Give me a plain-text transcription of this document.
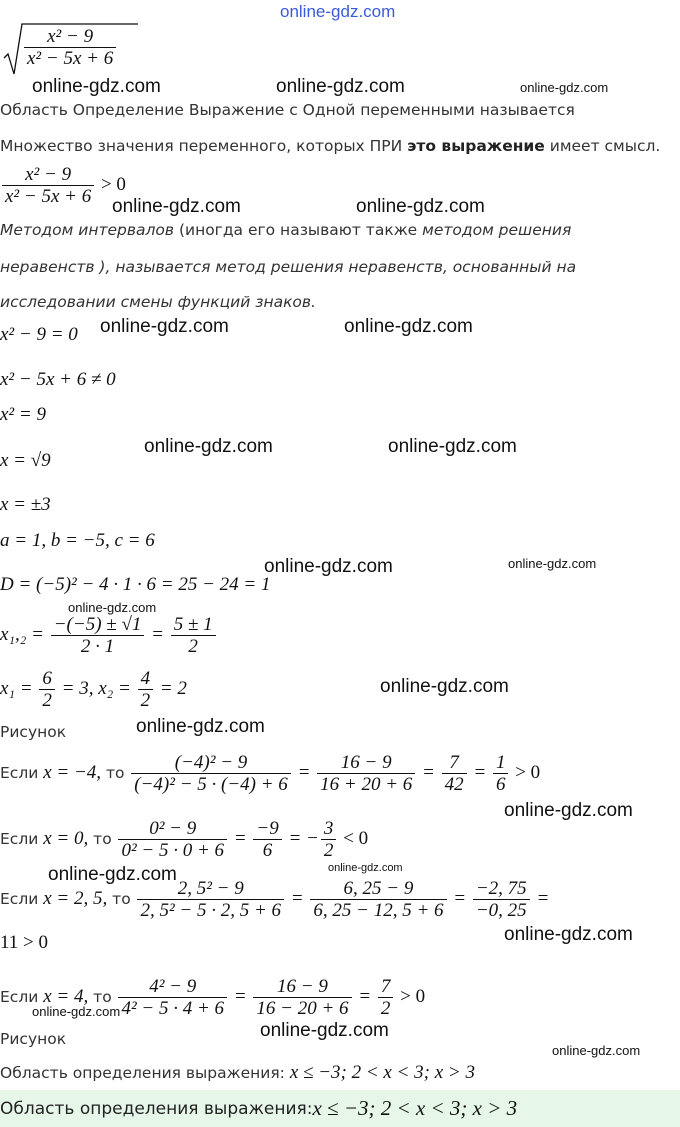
online-gdz.com
$\frac{\text{x² − 9}}{\text{x² − 5x + 6}}$
online-gdz.com	online-gdz.com	online-gdz.com
Область Определение Выражение с Одной переменными называется
Множество значения переменного, которых ПРИ это выражение имеет смысл.
$\frac{\text{x² − 9}}{\text{x² − 5x + 6}} > 0$
online-gdz.com	online-gdz.com
Методом интервалов (иногда его называют также методом решения
неравенств ), называется метод решения неравенств, основанный на
исследовании смены функций знаков.
x² − 9 = 0 online-gdz.com	online-gdz.com
x² − 5x + 6 ≠ 0
x² = 9
online-gdz.com	online-gdz.com
x = √9
x = ±3
a = 1, b = −5, c = 6
online-gdz.com	online-gdz.com
D = (−5)² − 4 · 1 · 6 = 25 − 24 = 1
online-gdz.com
$x_1,_2 = \frac{-(-5) \pm √1}{2 \cdot 1} = \frac{5 \pm 1}{2}$
$x_1 = \frac{6}{2} = 3$, $x_2 = \frac{4}{2} = 2$	online-gdz.com
Рисунок	online-gdz.com
Если x = −4, то $\frac{\text{(−4)² − 9}}{\text{(−4)² − 5 · (−4) + 6}} = \frac{16 - 9}{16 + 20 + 6} = \frac{7}{42} = \frac{1}{6} > 0$
online-gdz.com
Если x = 0, то $\frac{\text{0² − 9}}{\text{0² − 5 · 0 + 6}} = \frac{-9}{6}$ = − $\frac{3}{2} < 0$
online-gdz.com	online-gdz.com
Если x = 2, 5, то $\frac{\text{2, 5² − 9}}{\text{2, 5² − 5 · 2, 5 + 6}} = \frac{6, 25 - 9}{6, 25 - 12, 5 + 6} = \frac{-2, 75}{-0, 25}$ =
11 > 0	online-gdz.com
Если x = 4, то $\frac{\text{4² − 9}}{\text{4² − 5 · 4 + 6}} = \frac{16 - 9}{16 - 20 + 6} = \frac{7}{2} > 0$
online-gdz.com
online-gdz.com
Рисунок
online-gdz.com
Область определения выражения: x ≤ −3; 2 < x < 3; x > 3
Область определения выражения: x ≤ −3; 2 < x < 3; x > 3
